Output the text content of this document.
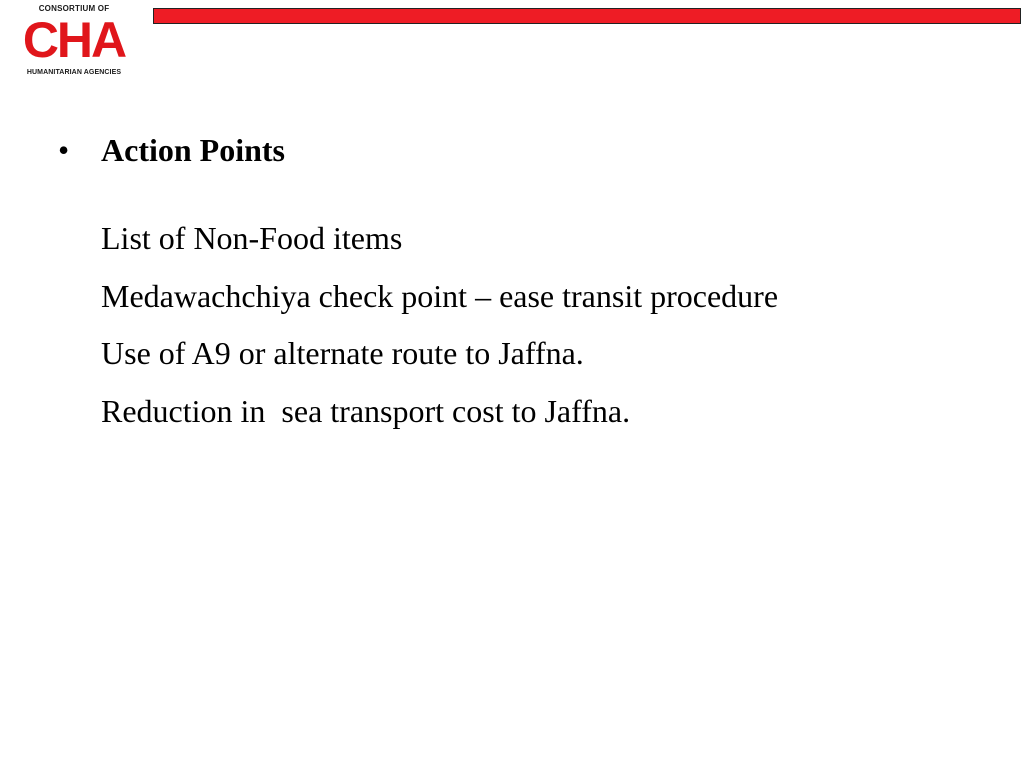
CONSORTIUM OF
CHA
HUMANITARIAN AGENCIES
• Action Points
List of Non-Food items
Medawachchiya check point – ease transit procedure
Use of A9 or alternate route to Jaffna.
Reduction in  sea transport cost to Jaffna.
